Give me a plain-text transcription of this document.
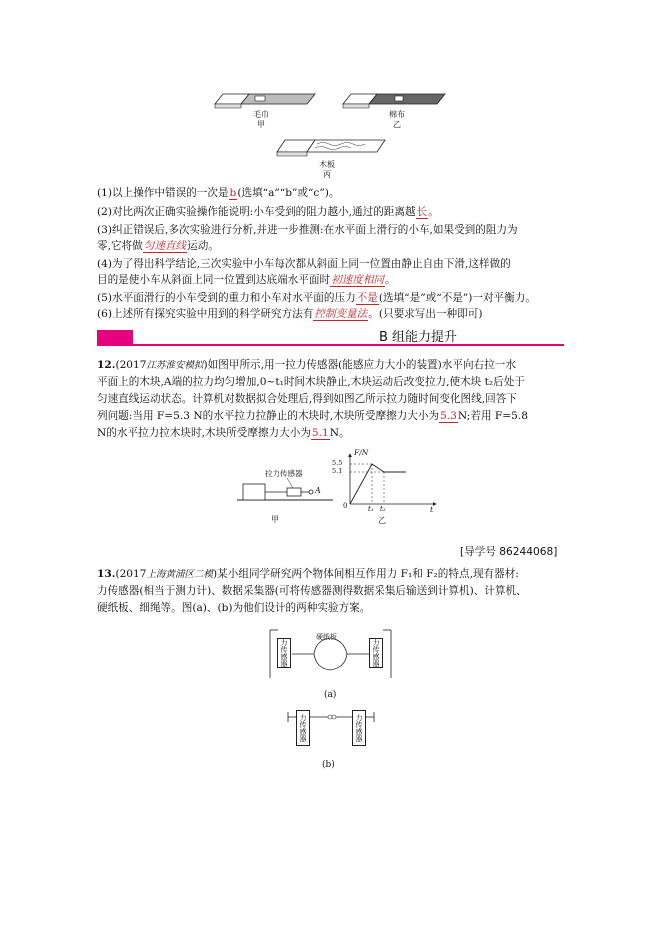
毛巾
甲
棉布
乙
木板
丙
(1)以上操作中错误的一次是b(选填“a”“b”或“c”)。
(2)对比两次正确实验操作能说明:小车受到的阻力越小,通过的距离越长。
(3)纠正错误后,多次实验进行分析,并进一步推测:在水平面上滑行的小车,如果受到的阻力为
零,它将做匀速直线运动。
(4)为了得出科学结论,三次实验中小车每次都从斜面上同一位置由静止自由下滑,这样做的
目的是使小车从斜面上同一位置到达底端水平面时初速度相同。
(5)水平面滑行的小车受到的重力和小车对水平面的压力不是(选填“是”或“不是”)一对平衡力。
(6)上述所有探究实验中用到的科学研究方法有控制变量法。(只要求写出一种即可)
B 组能力提升
12.(2017江苏淮安模拟)如图甲所示,用一拉力传感器(能感应力大小的装置)水平向右拉一水
平面上的木块,A端的拉力均匀增加,0~t₁时间木块静止,木块运动后改变拉力,使木块 t₂后处于
匀速直线运动状态。计算机对数据拟合处理后,得到如图乙所示拉力随时间变化图线,回答下
列问题:当用 F=5.3 N的水平拉力拉静止的木块时,木块所受摩擦力大小为5.3N;若用 F=5.8
N的水平拉力拉木块时,木块所受摩擦力大小为5.1N。
拉力传感器
A
甲
F/N
5.5
5.1
0	t₁ t₂	t
乙
[导学号 86244068]
13.(2017上海黄浦区二模)某小组同学研究两个物体间相互作用力 F₁和 F₂的特点,现有器材:
力传感器(相当于测力计)、数据采集器(可将传感器测得数据采集后输送到计算机)、计算机、
硬纸板、细绳等。图(a)、(b)为他们设计的两种实验方案。
力传感器	力传感器
硬纸板
(a)
力传感器	力传感器
(b)
